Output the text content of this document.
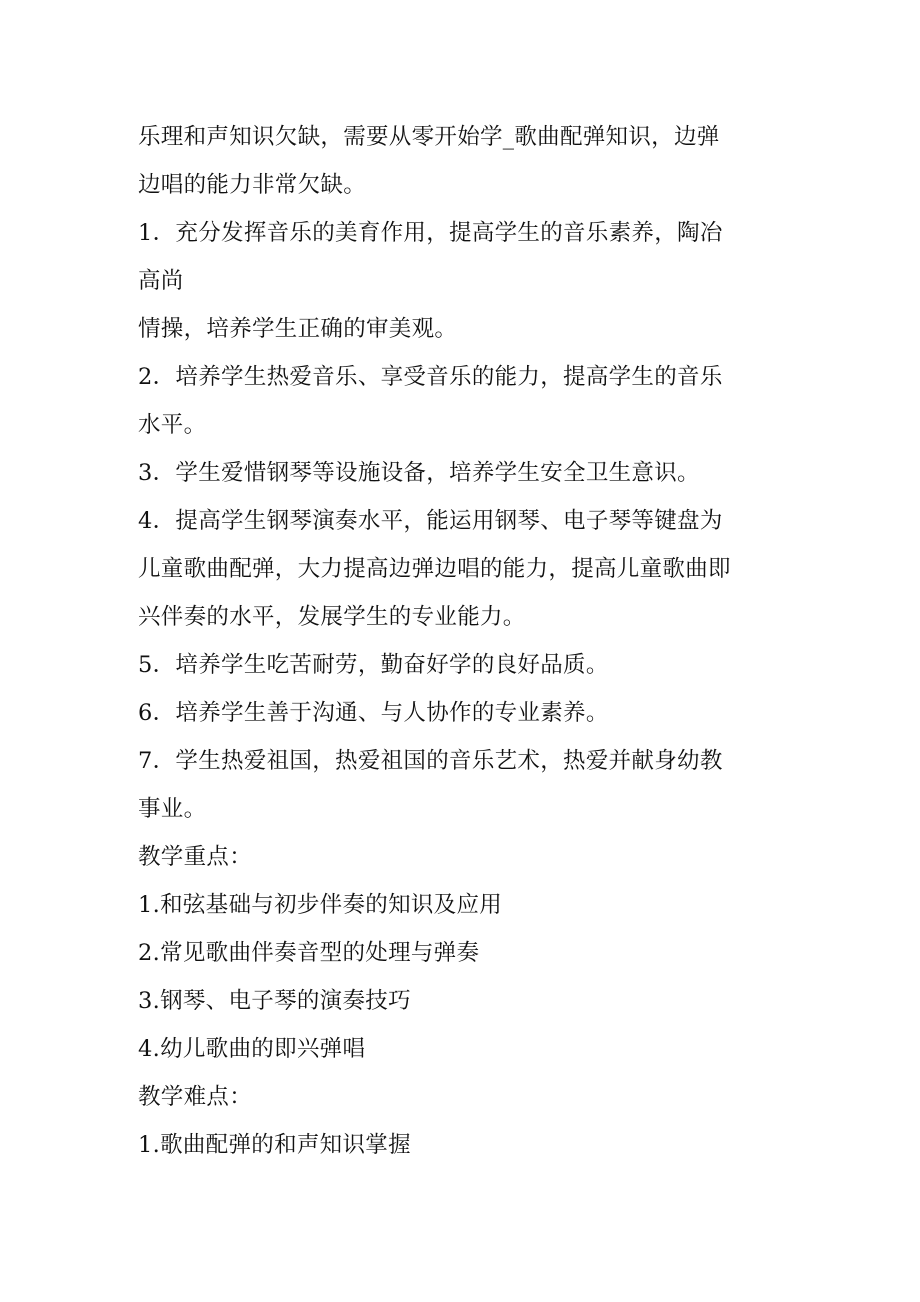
乐理和声知识欠缺，需要从零开始学_歌曲配弹知识，边弹
边唱的能力非常欠缺。
1．充分发挥音乐的美育作用，提高学生的音乐素养，陶冶
高尚
情操，培养学生正确的审美观。
2．培养学生热爱音乐、享受音乐的能力，提高学生的音乐
水平。
3．学生爱惜钢琴等设施设备，培养学生安全卫生意识。
4．提高学生钢琴演奏水平，能运用钢琴、电子琴等键盘为
儿童歌曲配弹，大力提高边弹边唱的能力，提高儿童歌曲即
兴伴奏的水平，发展学生的专业能力。
5．培养学生吃苦耐劳，勤奋好学的良好品质。
6．培养学生善于沟通、与人协作的专业素养。
7．学生热爱祖国，热爱祖国的音乐艺术，热爱并献身幼教
事业。
教学重点：
1.和弦基础与初步伴奏的知识及应用
2.常见歌曲伴奏音型的处理与弹奏
3.钢琴、电子琴的演奏技巧
4.幼儿歌曲的即兴弹唱
教学难点：
1.歌曲配弹的和声知识掌握
